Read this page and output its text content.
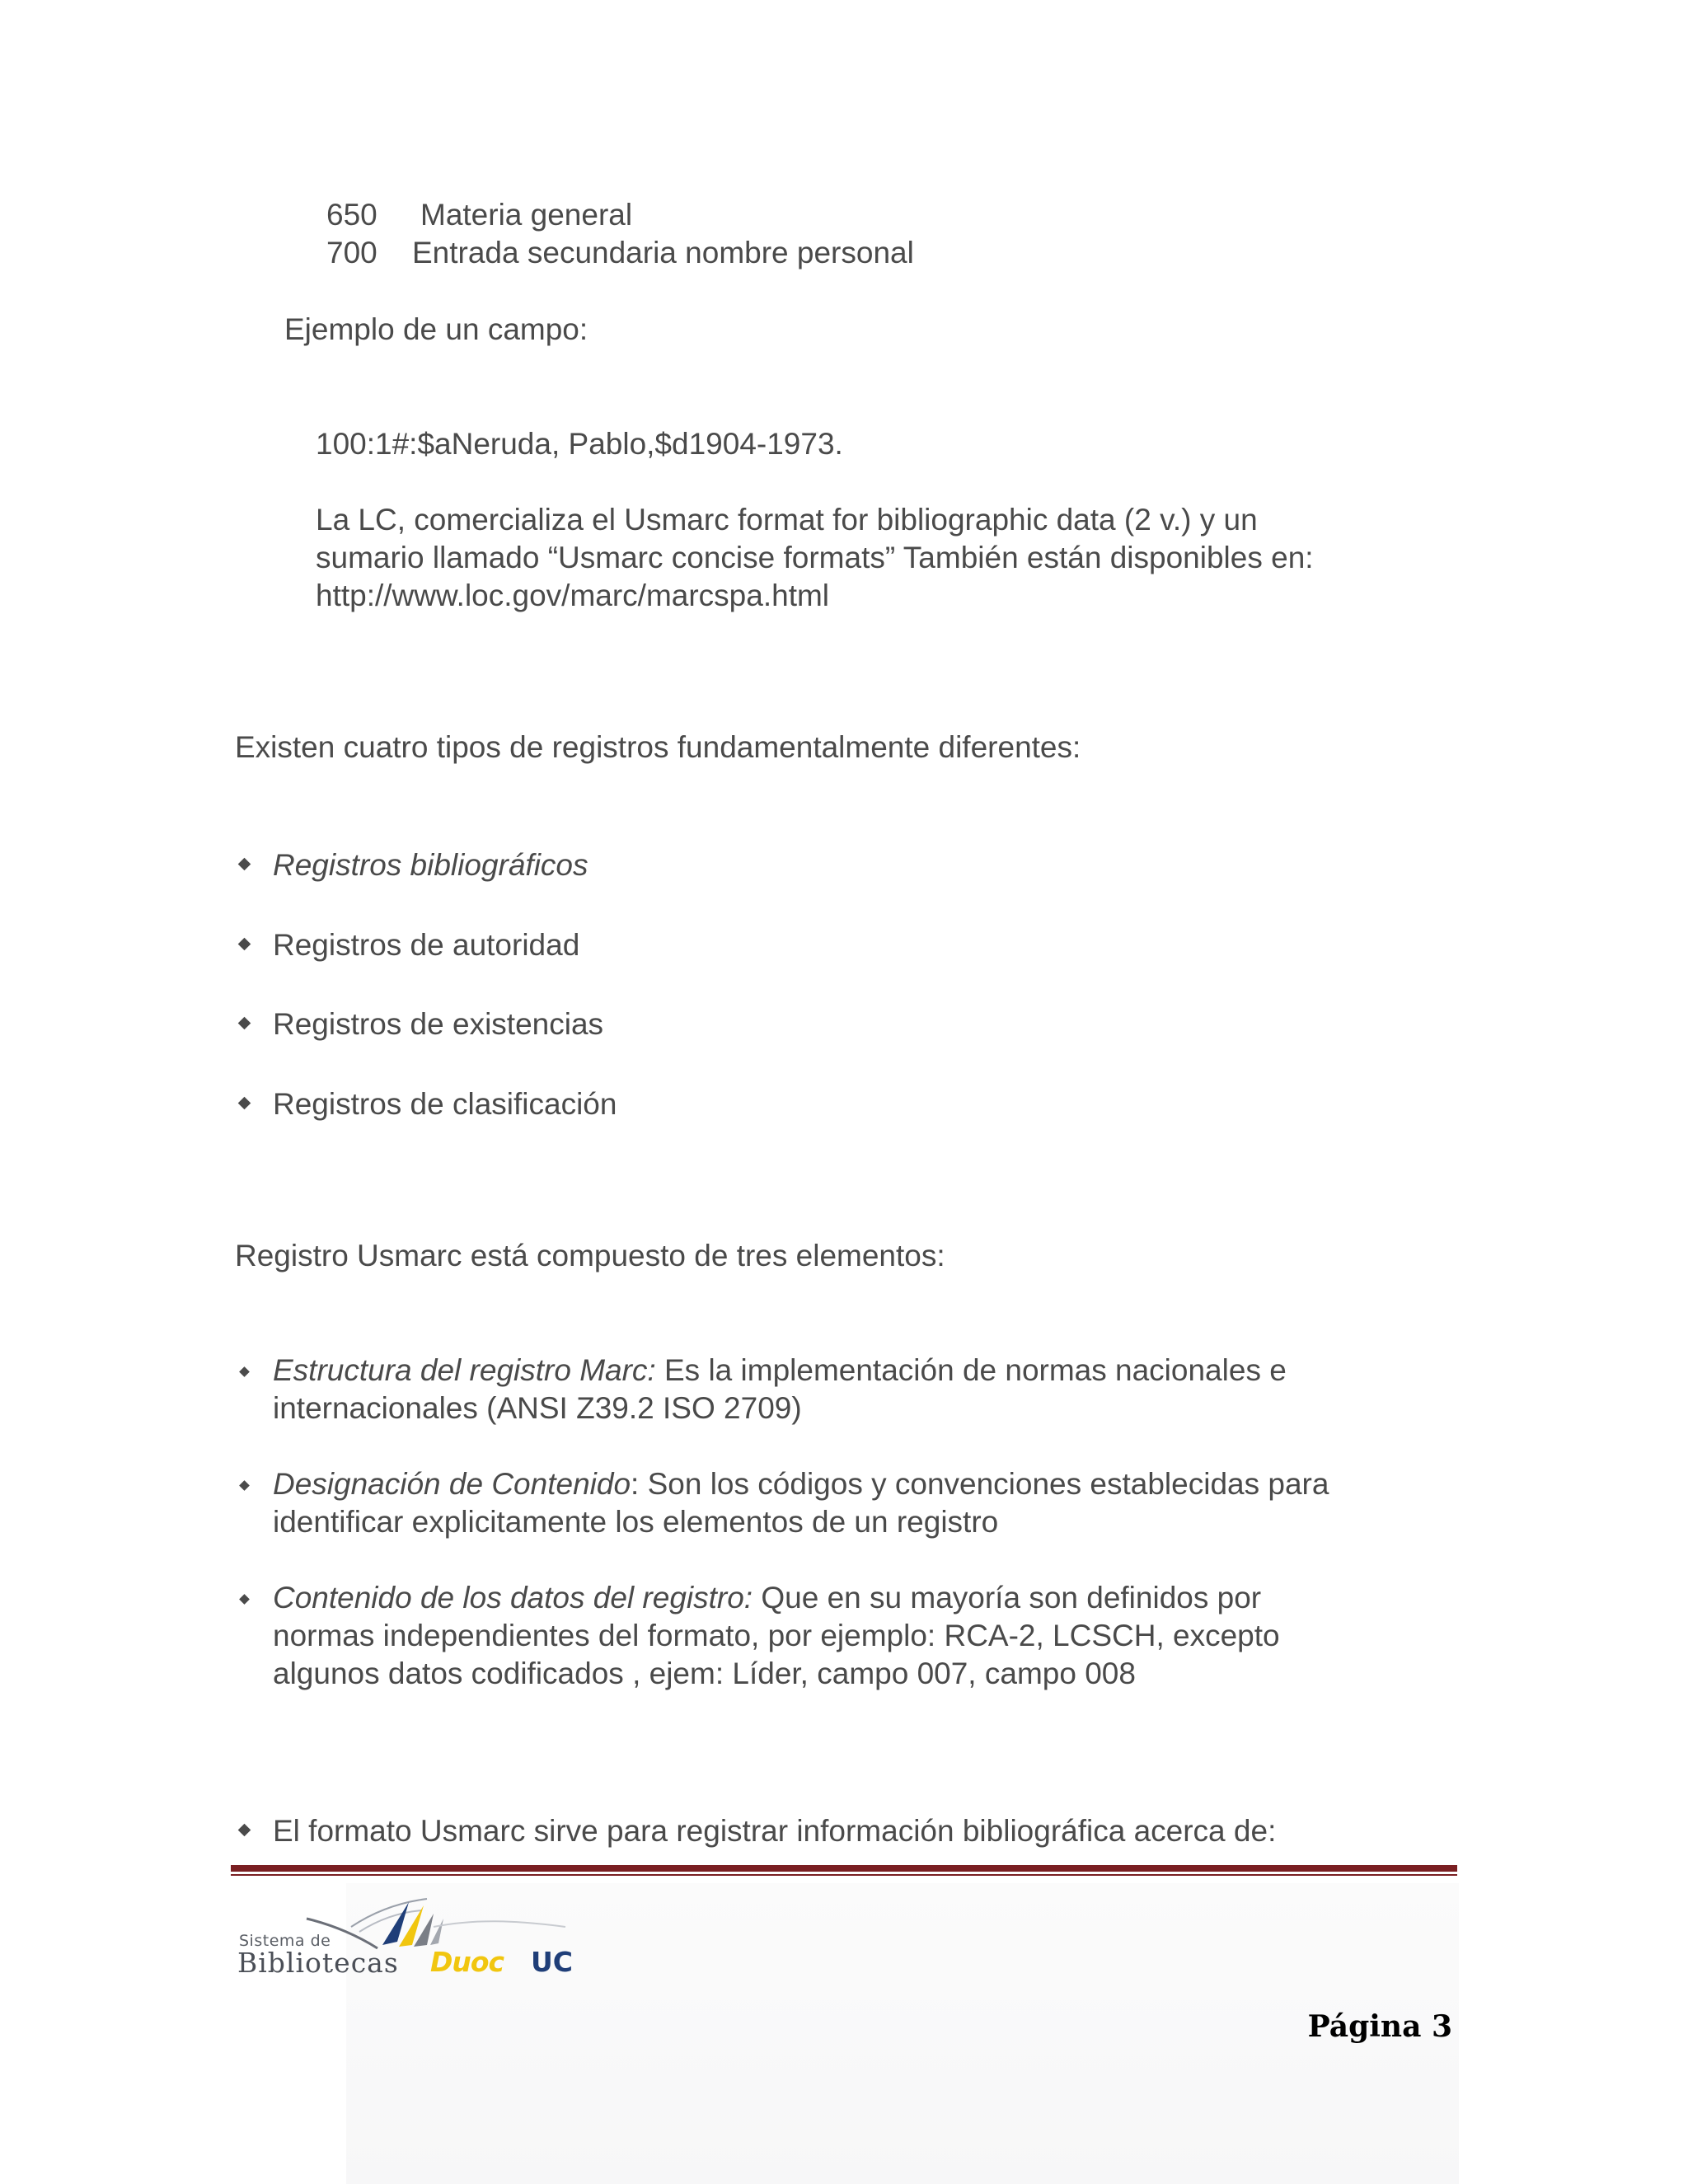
650 Materia general
700 Entrada secundaria nombre personal
Ejemplo de un campo:
100:1#:$aNeruda, Pablo,$d1904-1973.
La LC, comercializa el Usmarc format for bibliographic data (2 v.) y un
sumario llamado “Usmarc concise formats” También están disponibles en:
http://www.loc.gov/marc/marcspa.html
Existen cuatro tipos de registros fundamentalmente diferentes:
Registros bibliográficos
Registros de autoridad
Registros de existencias
Registros de clasificación
Registro Usmarc está compuesto de tres elementos:
Estructura del registro Marc: Es la implementación de normas nacionales e
internacionales (ANSI Z39.2 ISO 2709)
Designación de Contenido: Son los códigos y convenciones establecidas para
identificar explicitamente los elementos de un registro
Contenido de los datos del registro: Que en su mayoría son definidos por
normas independientes del formato, por ejemplo: RCA-2, LCSCH, excepto
algunos datos codificados , ejem: Líder, campo 007, campo 008
El formato Usmarc sirve para registrar información bibliográfica acerca de:
Sistema de
Bibliotecas Duoc UC
Página 3
